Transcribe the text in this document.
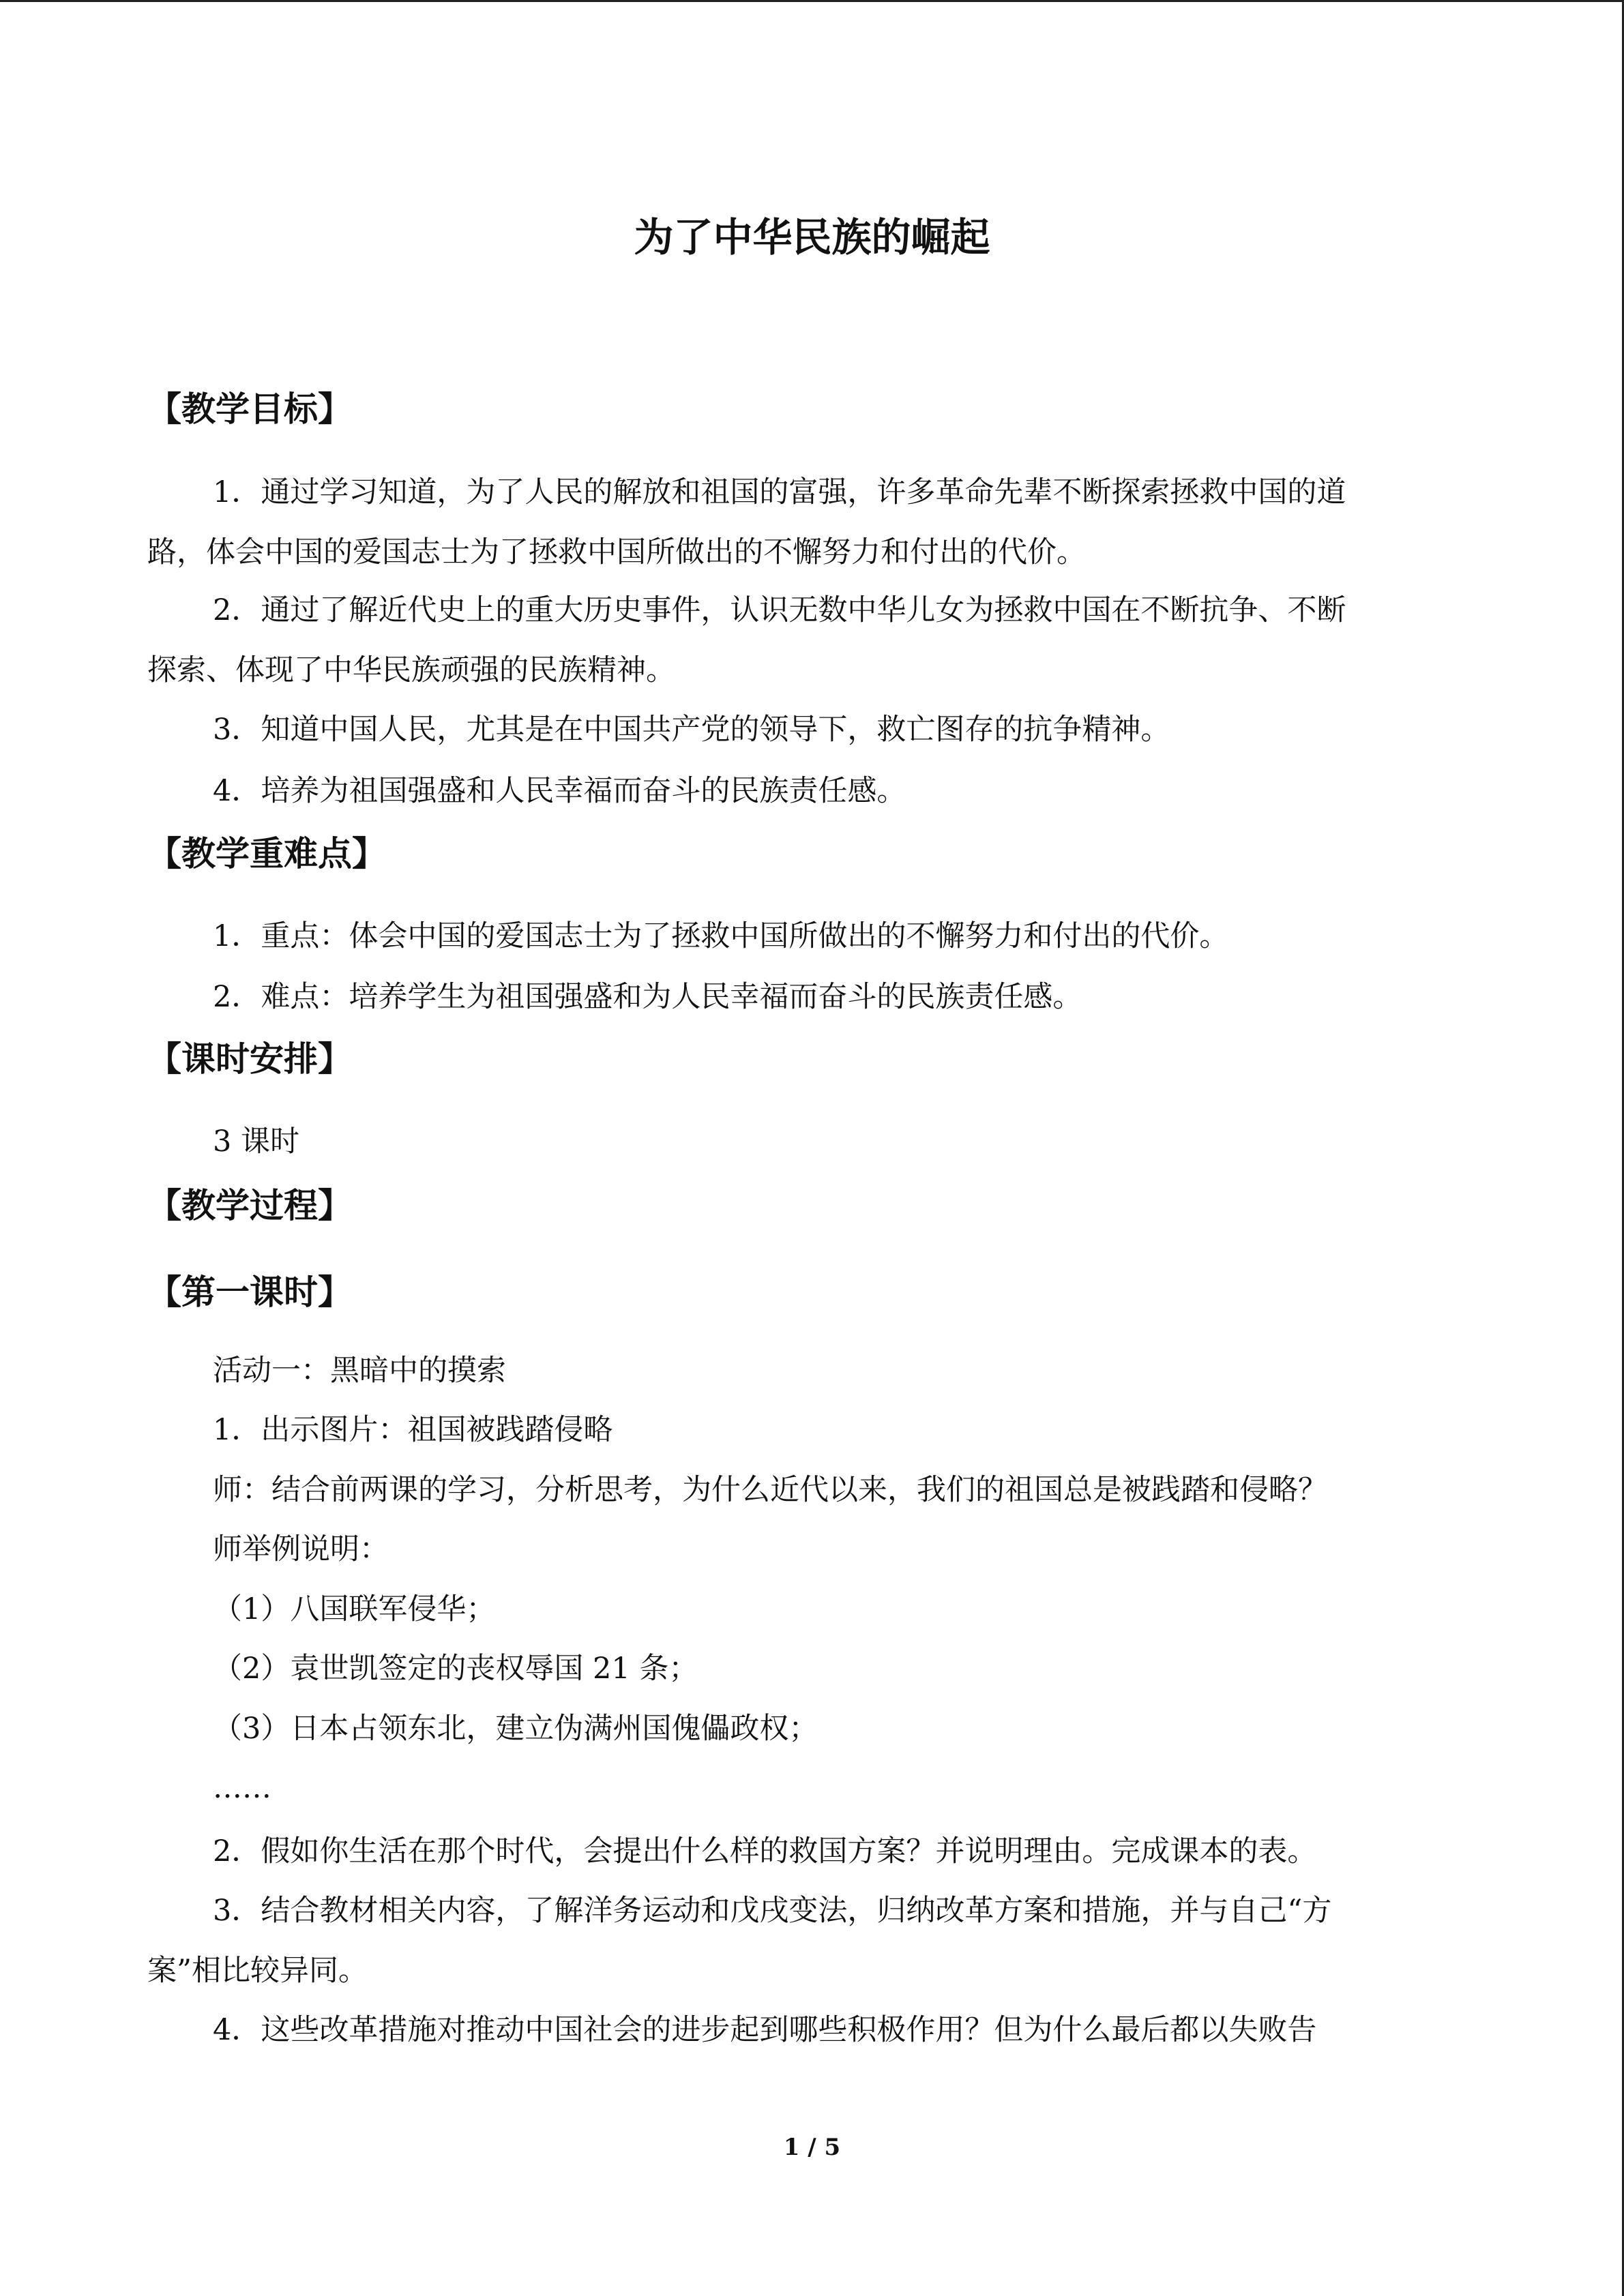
为了中华民族的崛起
【教学目标】
1．通过学习知道，为了人民的解放和祖国的富强，许多革命先辈不断探索拯救中国的道
路，体会中国的爱国志士为了拯救中国所做出的不懈努力和付出的代价。
2．通过了解近代史上的重大历史事件，认识无数中华儿女为拯救中国在不断抗争、不断
探索、体现了中华民族顽强的民族精神。
3．知道中国人民，尤其是在中国共产党的领导下，救亡图存的抗争精神。
4．培养为祖国强盛和人民幸福而奋斗的民族责任感。
【教学重难点】
1．重点：体会中国的爱国志士为了拯救中国所做出的不懈努力和付出的代价。
2．难点：培养学生为祖国强盛和为人民幸福而奋斗的民族责任感。
【课时安排】
3 课时
【教学过程】
【第一课时】
活动一：黑暗中的摸索
1．出示图片：祖国被践踏侵略
师：结合前两课的学习，分析思考，为什么近代以来，我们的祖国总是被践踏和侵略？
师举例说明：
（1）八国联军侵华；
（2）袁世凯签定的丧权辱国 21 条；
（3）日本占领东北，建立伪满州国傀儡政权；
……
2．假如你生活在那个时代，会提出什么样的救国方案？并说明理由。完成课本的表。
3．结合教材相关内容，了解洋务运动和戊戌变法，归纳改革方案和措施，并与自己“方
案”相比较异同。
4．这些改革措施对推动中国社会的进步起到哪些积极作用？但为什么最后都以失败告
1 / 5
